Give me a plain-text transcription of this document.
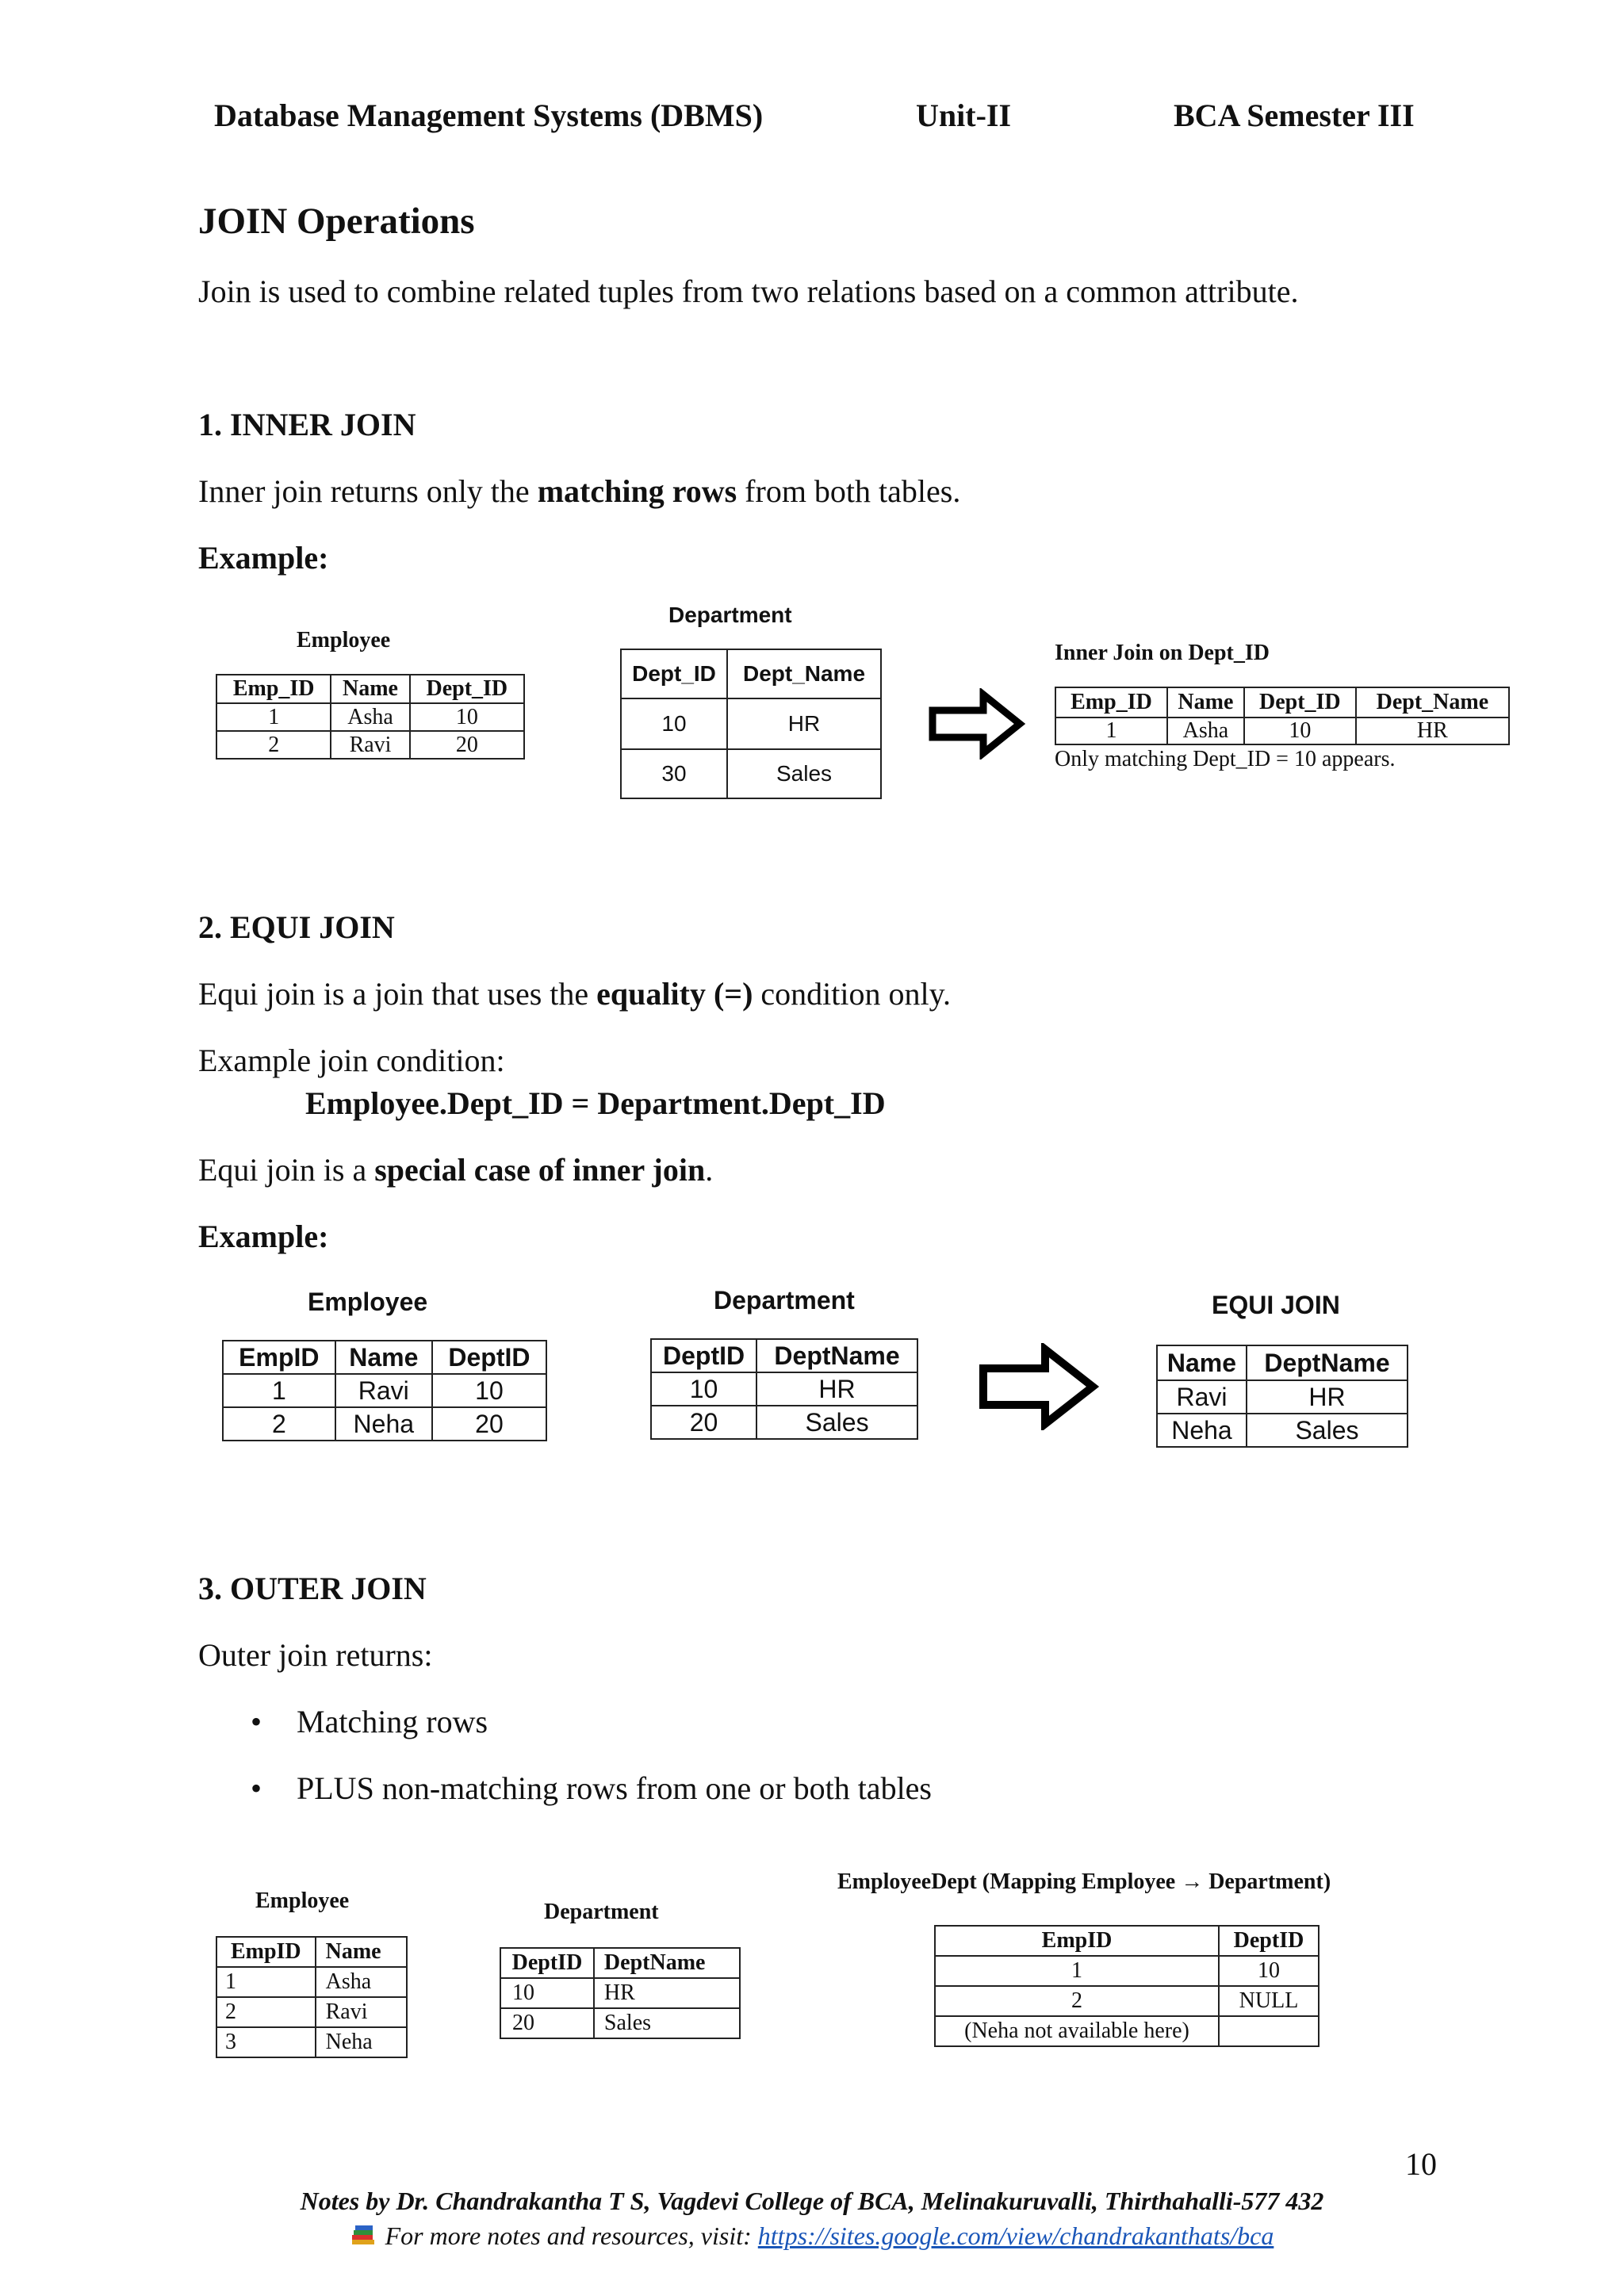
Database Management Systems (DBMS)	Unit-II	BCA Semester III
JOIN Operations
Join is used to combine related tuples from two relations based on a common attribute.
1. INNER JOIN
Inner join returns only the matching rows from both tables.
Example:
Employee
Emp_ID	Name	Dept_ID
1	Asha	10
2	Ravi	20
Department
Dept_ID	Dept_Name
10	HR
30	Sales
Inner Join on Dept_ID
Emp_ID	Name	Dept_ID	Dept_Name
1	Asha	10	HR
Only matching Dept_ID = 10 appears.
2. EQUI JOIN
Equi join is a join that uses the equality (=) condition only.
Example join condition:
Employee.Dept_ID = Department.Dept_ID
Equi join is a special case of inner join.
Example:
Employee
EmpID	Name	DeptID
1	Ravi	10
2	Neha	20
Department
DeptID	DeptName
10	HR
20	Sales
EQUI JOIN
Name	DeptName
Ravi	HR
Neha	Sales
3. OUTER JOIN
Outer join returns:
• Matching rows
• PLUS non-matching rows from one or both tables
Employee
EmpID	Name
1	Asha
2	Ravi
3	Neha
Department
DeptID	DeptName
10	HR
20	Sales
EmployeeDept (Mapping Employee → Department)
EmpID	DeptID
1	10
2	NULL
(Neha not available here)	
10
Notes by Dr. Chandrakantha T S, Vagdevi College of BCA, Melinakuruvalli, Thirthahalli-577 432
For more notes and resources, visit: https://sites.google.com/view/chandrakanthats/bca
